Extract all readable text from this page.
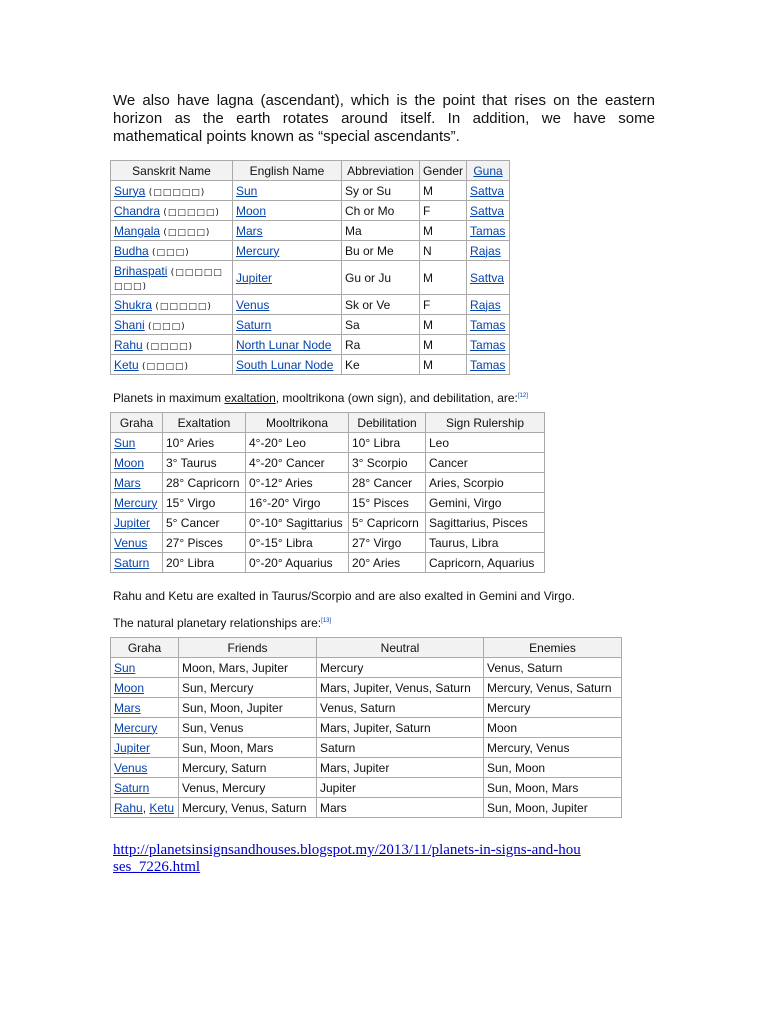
We also have lagna (ascendant), which is the point that rises on the eastern horizon as the earth rotates around itself. In addition, we have some mathematical points known as “special ascendants”.

Sanskrit Name	English Name	Abbreviation	Gender	Guna
Surya (□□□□□)	Sun	Sy or Su	M	Sattva
Chandra (□□□□□)	Moon	Ch or Mo	F	Sattva
Mangala (□□□□)	Mars	Ma	M	Tamas
Budha (□□□)	Mercury	Bu or Me	N	Rajas
Brihaspati (□□□□□ □□□)	Jupiter	Gu or Ju	M	Sattva
Shukra (□□□□□)	Venus	Sk or Ve	F	Rajas
Shani (□□□)	Saturn	Sa	M	Tamas
Rahu (□□□□)	North Lunar Node	Ra	M	Tamas
Ketu (□□□□)	South Lunar Node	Ke	M	Tamas

Planets in maximum exaltation, mooltrikona (own sign), and debilitation, are:[12]

Graha	Exaltation	Mooltrikona	Debilitation	Sign Rulership
Sun	10° Aries	4°-20° Leo	10° Libra	Leo
Moon	3° Taurus	4°-20° Cancer	3° Scorpio	Cancer
Mars	28° Capricorn	0°-12° Aries	28° Cancer	Aries, Scorpio
Mercury	15° Virgo	16°-20° Virgo	15° Pisces	Gemini, Virgo
Jupiter	5° Cancer	0°-10° Sagittarius	5° Capricorn	Sagittarius, Pisces
Venus	27° Pisces	0°-15° Libra	27° Virgo	Taurus, Libra
Saturn	20° Libra	0°-20° Aquarius	20° Aries	Capricorn, Aquarius

Rahu and Ketu are exalted in Taurus/Scorpio and are also exalted in Gemini and Virgo.

The natural planetary relationships are:[13]

Graha	Friends	Neutral	Enemies
Sun	Moon, Mars, Jupiter	Mercury	Venus, Saturn
Moon	Sun, Mercury	Mars, Jupiter, Venus, Saturn	Mercury, Venus, Saturn
Mars	Sun, Moon, Jupiter	Venus, Saturn	Mercury
Mercury	Sun, Venus	Mars, Jupiter, Saturn	Moon
Jupiter	Sun, Moon, Mars	Saturn	Mercury, Venus
Venus	Mercury, Saturn	Mars, Jupiter	Sun, Moon
Saturn	Venus, Mercury	Jupiter	Sun, Moon, Mars
Rahu, Ketu	Mercury, Venus, Saturn	Mars	Sun, Moon, Jupiter
http://planetsinsignsandhouses.blogspot.my/2013/11/planets-in-signs-and-houses_7226.html
